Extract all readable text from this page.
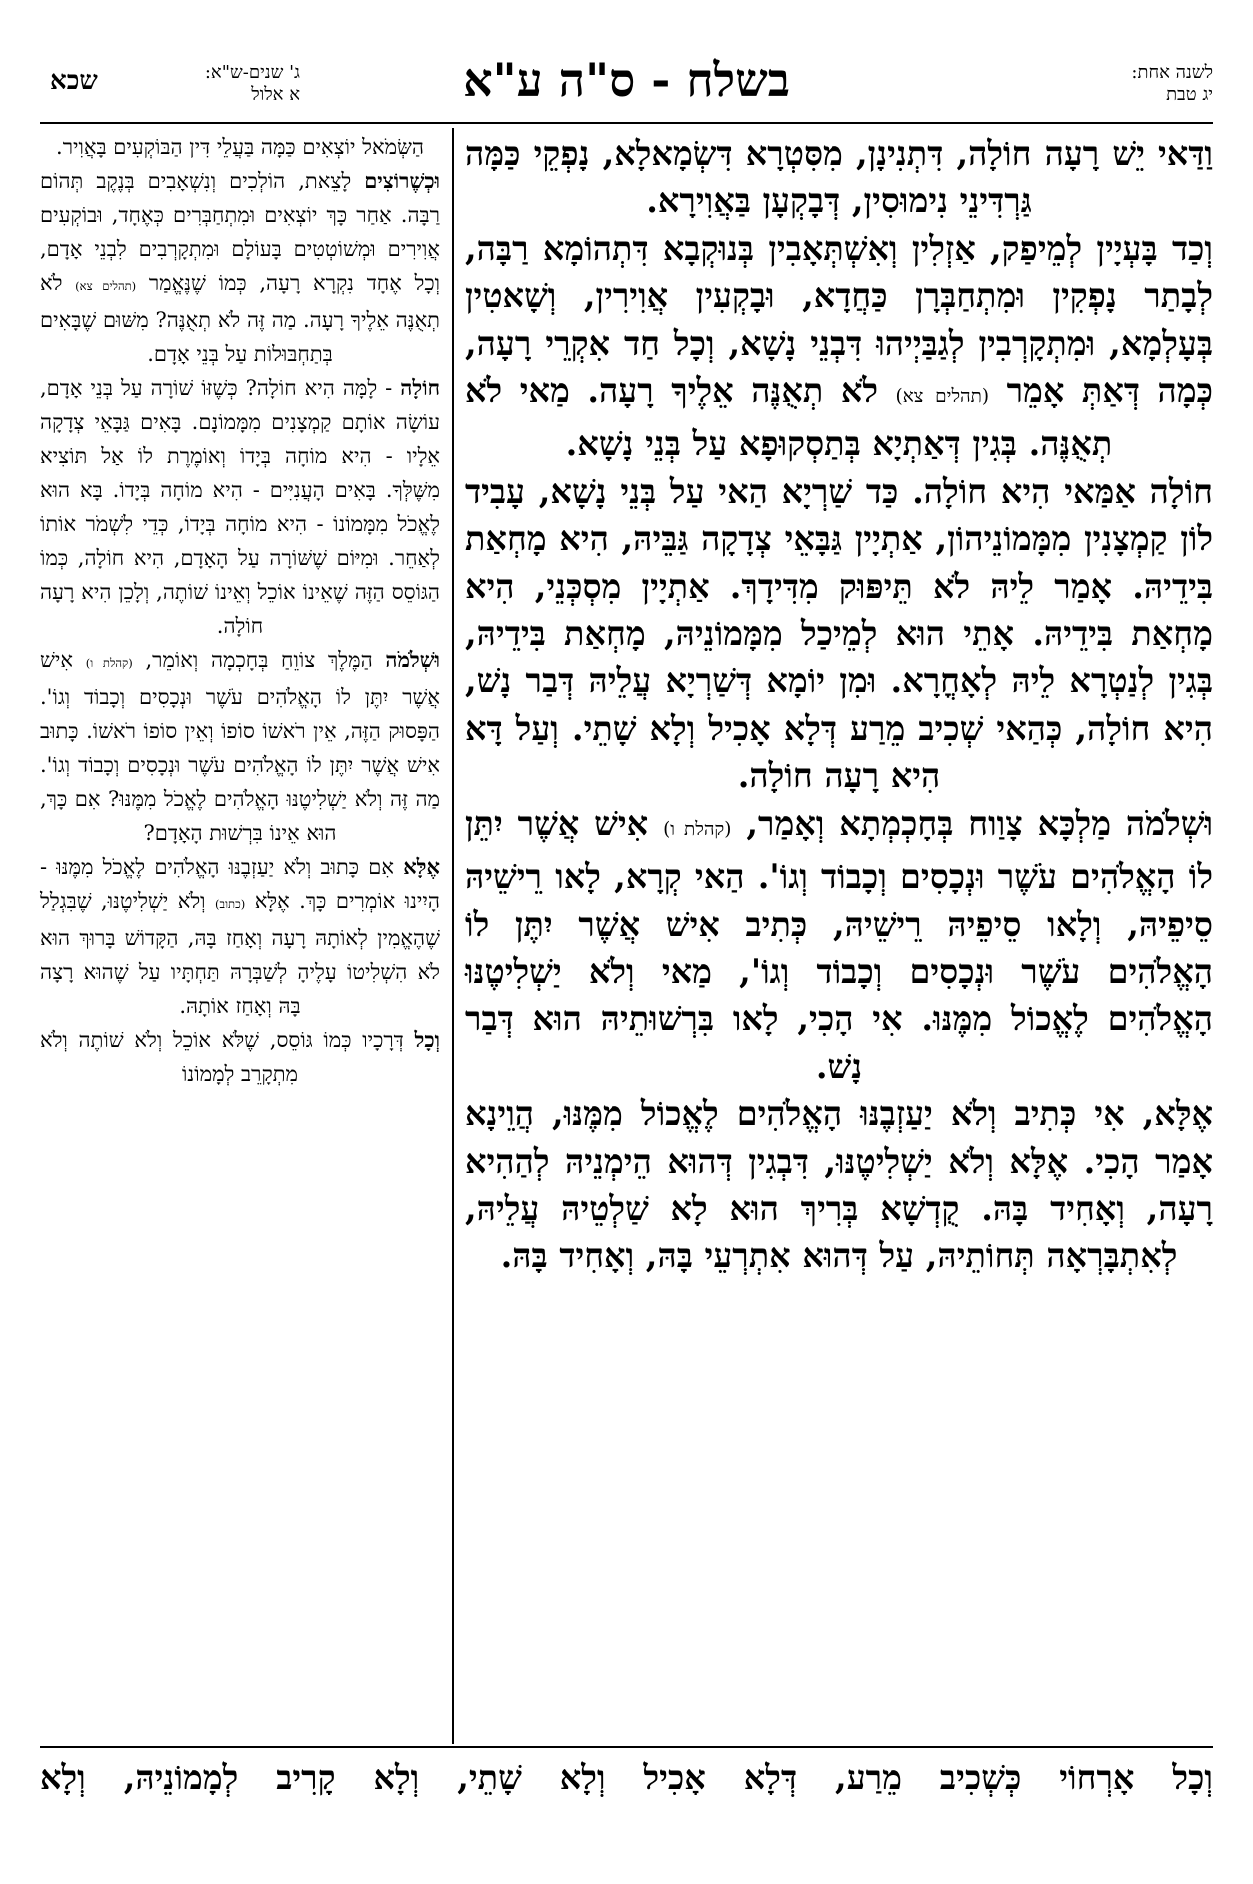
לשנה אחת:
יג טבת
בשלח - ס"ה ע"א
ג' שנים-ש"א:
א אלול
שכא

וַדַּאי יֵשׁ רָעָה חוֹלָה, דִּתְנִינָן, מִסִּטְרָא דִּשְׂמָאלָא, נָפְקֵי כַּמָּה גַּרְדִּינֵי נִימוּסִין, דְּבָקְעָן בַּאֲוִירָא.

וְכַד בָּעְיָין לְמֵיפַק, אַזְלִין וְאִשְׁתְּאָבִין בְּנוּקְבָא דִּתְהוֹמָא רַבָּה, לְבָתַר נָפְקִין וּמִתְחַבְּרָן כַּחֲדָא, וּבָקְעִין אֲוִירִין, וְשָׁאטִין בְּעָלְמָא, וּמִתְקָרְבִין לְגַבַּיְיהוּ דִּבְנֵי נָשָׁא, וְכָל חַד אִקְרֵי רָעָה, כְּמָה דְּאַתְּ אָמֵר (תהלים צא) לֹא תְאֻנֶּה אֵלֶיךָ רָעָה. מַאי לֹא תְאֻנֶּה. בְּגִין דְּאַתְיָא בְּתַסְקוּפָא עַל בְּנֵי נָשָׁא.

חוֹלָה אַמַּאי הִיא חוֹלָה. כַּד שַׁרְיָא הַאי עַל בְּנֵי נָשָׁא, עָבִיד לוֹן קַמְצָנִין מִמָּמוֹנֵיהוֹן, אַתְיָין גַּבָּאֵי צְדָקָה גַּבֵּיהּ, הִיא מָחְאַת בִּידֵיהּ. אָמַר לֵיהּ לֹא תֵּיפּוּק מִדִּידָךְ. אַתְיָין מִסְכְּנֵי, הִיא מָחְאַת בִּידֵיהּ. אָתֵי הוּא לְמֵיכַל מִמָּמוֹנֵיהּ, מָחְאַת בִּידֵיהּ, בְּגִין לְנַטְרָא לֵיהּ לְאָחֳרָא. וּמִן יוֹמָא דְּשַׁרְיָא עֲלֵיהּ דְּבַר נָשׁ, הִיא חוֹלָה, כְּהַאי שְׁכִיב מֵרַע דְּלָא אָכִיל וְלָא שָׁתֵי. וְעַל דָּא הִיא רָעָה חוֹלָה.

וּשְׁלֹמֹה מַלְכָּא צָוַוח בְּחָכְמְתָא וְאָמַר, (קהלת ו) אִישׁ אֲשֶׁר יִתֵּן לוֹ הָאֱלֹהִים עֹשֶׁר וּנְכָסִים וְכָבוֹד וְגוֹ'. הַאי קְרָא, לָאו רֵישֵׁיהּ סֵיפֵיהּ, וְלָאו סֵיפֵיהּ רֵישֵׁיהּ, כְּתִיב אִישׁ אֲשֶׁר יִתֶּן לוֹ הָאֱלֹהִים עֹשֶׁר וּנְכָסִים וְכָבוֹד וְגוֹ', מַאי וְלֹא יַשְׁלִיטֶנּוּ הָאֱלֹהִים לֶאֱכוֹל מִמֶּנּוּ. אִי הָכִי, לָאו בִּרְשׁוּתֵיהּ הוּא דְּבַר נָשׁ.

אֶלָּא, אִי כְּתִיב וְלֹא יַעַזְבֶנּוּ הָאֱלֹהִים לֶאֱכוֹל מִמֶּנּוּ, הֲוֵינָא אָמַר הָכִי. אֶלָּא וְלֹא יַשְׁלִיטֶנּוּ, דִּבְגִין דְּהוּא הֵימְנֵיהּ לְהַהִיא רָעָה, וְאָחִיד בָּהּ. קֻדְשָׁא בְּרִיךְ הוּא לָא שַׁלְטֵיהּ עֲלֵיהּ, לְאִתְבָּרְאָה תְּחוֹתֵיהּ, עַל דְּהוּא אִתְרְעֵי בָּהּ, וְאָחִיד בָּהּ.

הַשְּׂמֹאל יוֹצְאִים כַּמָּה בַּעֲלֵי דִּין הַבּוֹקְעִים בָּאֲוִיר.

וּכְשֶׁרוֹצִים לָצֵאת, הוֹלְכִים וְנִשְׁאָבִים בְּנֶקֶב תְּהוֹם רַבָּה. אַחַר כָּךְ יוֹצְאִים וּמִתְחַבְּרִים כְּאֶחָד, וּבוֹקְעִים אֲוִירִים וּמְשׁוֹטְטִים בָּעוֹלָם וּמִתְקָרְבִים לִבְנֵי אָדָם, וְכָל אֶחָד נִקְרָא רָעָה, כְּמוֹ שֶׁנֶּאֱמַר (תהלים צא) לֹא תְאֻנֶּה אֵלֶיךָ רָעָה. מַה זֶּה לֹא תְאֻנֶּה? מִשּׁוּם שֶׁבָּאִים בְּתַחְבּוּלוֹת עַל בְּנֵי אָדָם.

חוֹלָה - לָמָּה הִיא חוֹלָה? כְּשֶׁזּוֹ שׁוֹרָה עַל בְּנֵי אָדָם, עוֹשָׂה אוֹתָם קַמְצָנִים מִמָּמוֹנָם. בָּאִים גַּבָּאֵי צְדָקָה אֵלָיו - הִיא מוֹחָה בְּיָדוֹ וְאוֹמֶרֶת לוֹ אַל תּוֹצִיא מִשֶּׁלְּךָ. בָּאִים הָעֲנִיִּים - הִיא מוֹחָה בְּיָדוֹ. בָּא הוּא לֶאֱכֹל מִמָּמוֹנוֹ - הִיא מוֹחָה בְּיָדוֹ, כְּדֵי לִשְׁמֹר אוֹתוֹ לְאַחֵר. וּמִיּוֹם שֶׁשּׁוֹרָה עַל הָאָדָם, הִיא חוֹלָה, כְּמוֹ הַגּוֹסֵס הַזֶּה שֶׁאֵינוֹ אוֹכֵל וְאֵינוֹ שׁוֹתֶה, וְלָכֵן הִיא רָעָה חוֹלָה.

וּשְׁלֹמֹה הַמֶּלֶךְ צוֹוֵחַ בְּחָכְמָה וְאוֹמֵר, (קהלת ו) אִישׁ אֲשֶׁר יִתֶּן לוֹ הָאֱלֹהִים עֹשֶׁר וּנְכָסִים וְכָבוֹד וְגוֹ'. הַפָּסוּק הַזֶּה, אֵין רֹאשׁוֹ סוֹפוֹ וְאֵין סוֹפוֹ רֹאשׁוֹ. כָּתוּב אִישׁ אֲשֶׁר יִתֶּן לוֹ הָאֱלֹהִים עֹשֶׁר וּנְכָסִים וְכָבוֹד וְגוֹ'. מַה זֶּה וְלֹא יַשְׁלִיטֶנּוּ הָאֱלֹהִים לֶאֱכֹל מִמֶּנּוּ? אִם כָּךְ, הוּא אֵינוֹ בִּרְשׁוּת הָאָדָם?

אֶלָּא אִם כָּתוּב וְלֹא יַעַזְבֶנּוּ הָאֱלֹהִים לֶאֱכֹל מִמֶּנּוּ - הָיִינוּ אוֹמְרִים כָּךְ. אֶלָּא (כתוב) וְלֹא יַשְׁלִיטֶנּוּ, שֶׁבִּגְלַל שֶׁהֶאֱמִין לְאוֹתָהּ רָעָה וְאָחַז בָּהּ, הַקָּדוֹשׁ בָּרוּךְ הוּא לֹא הִשְׁלִיטוֹ עָלֶיהָ לְשַׁבְּרָהּ תַּחְתָּיו עַל שֶׁהוּא רָצָה בָּהּ וְאָחַז אוֹתָהּ.

וְכָל דְּרָכָיו כְּמוֹ גּוֹסֵס, שֶׁלֹּא אוֹכֵל וְלֹא שׁוֹתֶה וְלֹא מִתְקָרֵב לְמָמוֹנוֹ

וְכָל אָרְחוֹי כְּשְׁכִיב מֵרַע, דְּלָא אָכִיל וְלָא שָׁתֵי, וְלָא קָרִיב לְמָמוֹנֵיהּ, וְלָא
